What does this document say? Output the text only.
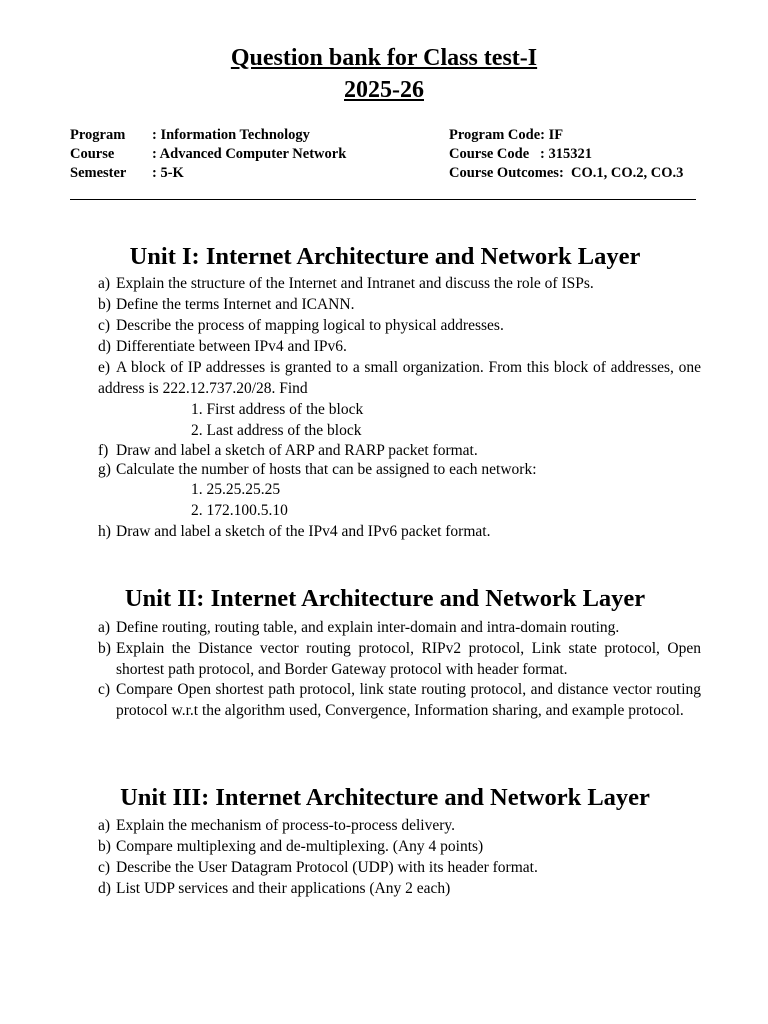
Question bank for Class test-I
2025-26
Program : Information Technology
Course	: Advanced Computer Network
Semester : 5-K
Program Code: IF
Course Code   : 315321
Course Outcomes:  CO.1, CO.2, CO.3
Unit I: Internet Architecture and Network Layer
a) Explain the structure of the Internet and Intranet and discuss the role of ISPs.
b) Define the terms Internet and ICANN.
c) Describe the process of mapping logical to physical addresses.
d) Differentiate between IPv4 and IPv6.
e) A block of IP addresses is granted to a small organization. From this block of addresses, one address is 222.12.737.20/28. Find
1. First address of the block
2. Last address of the block
f) Draw and label a sketch of ARP and RARP packet format.
g) Calculate the number of hosts that can be assigned to each network:
1. 25.25.25.25
2. 172.100.5.10
h) Draw and label a sketch of the IPv4 and IPv6 packet format.
Unit II: Internet Architecture and Network Layer
a) Define routing, routing table, and explain inter-domain and intra-domain routing.
b) Explain the Distance vector routing protocol, RIPv2 protocol, Link state protocol, Open shortest path protocol, and Border Gateway protocol with header format.
c) Compare Open shortest path protocol, link state routing protocol, and distance vector routing protocol w.r.t the algorithm used, Convergence, Information sharing, and example protocol.
Unit III: Internet Architecture and Network Layer
a) Explain the mechanism of process-to-process delivery.
b) Compare multiplexing and de-multiplexing. (Any 4 points)
c) Describe the User Datagram Protocol (UDP) with its header format.
d) List UDP services and their applications (Any 2 each)
